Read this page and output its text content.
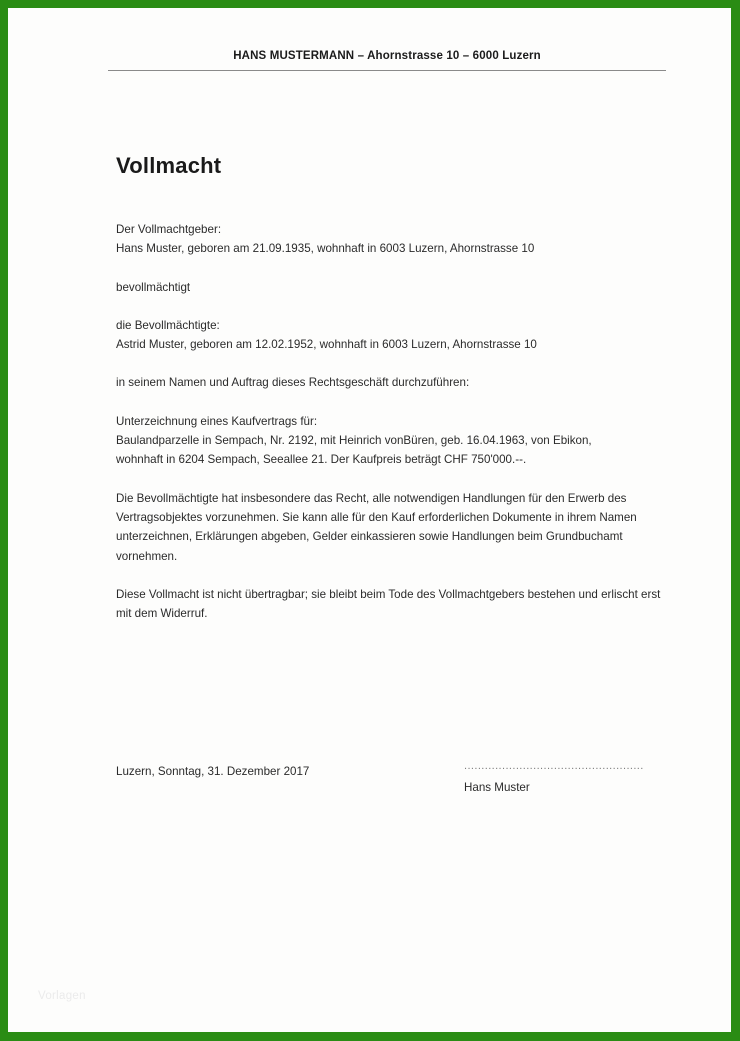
HANS MUSTERMANN – Ahornstrasse 10 – 6000 Luzern
Vollmacht

Der Vollmachtgeber:
Hans Muster, geboren am 21.09.1935, wohnhaft in 6003 Luzern, Ahornstrasse 10

bevollmächtigt

die Bevollmächtigte:
Astrid Muster, geboren am 12.02.1952, wohnhaft in 6003 Luzern, Ahornstrasse 10

in seinem Namen und Auftrag dieses Rechtsgeschäft durchzuführen:

Unterzeichnung eines Kaufvertrags für:
Baulandparzelle in Sempach, Nr. 2192, mit Heinrich vonBüren, geb. 16.04.1963, von Ebikon,
wohnhaft in 6204 Sempach, Seeallee 21. Der Kaufpreis beträgt CHF 750'000.--.

Die Bevollmächtigte hat insbesondere das Recht, alle notwendigen Handlungen für den Erwerb des Vertragsobjektes vorzunehmen. Sie kann alle für den Kauf erforderlichen Dokumente in ihrem Namen unterzeichnen, Erklärungen abgeben, Gelder einkassieren sowie Handlungen beim Grundbuchamt vornehmen.

Diese Vollmacht ist nicht übertragbar; sie bleibt beim Tode des Vollmachtgebers bestehen und erlischt erst mit dem Widerruf.

Luzern, Sonntag, 31. Dezember 2017	....................................................
Hans Muster
Vorlagen
